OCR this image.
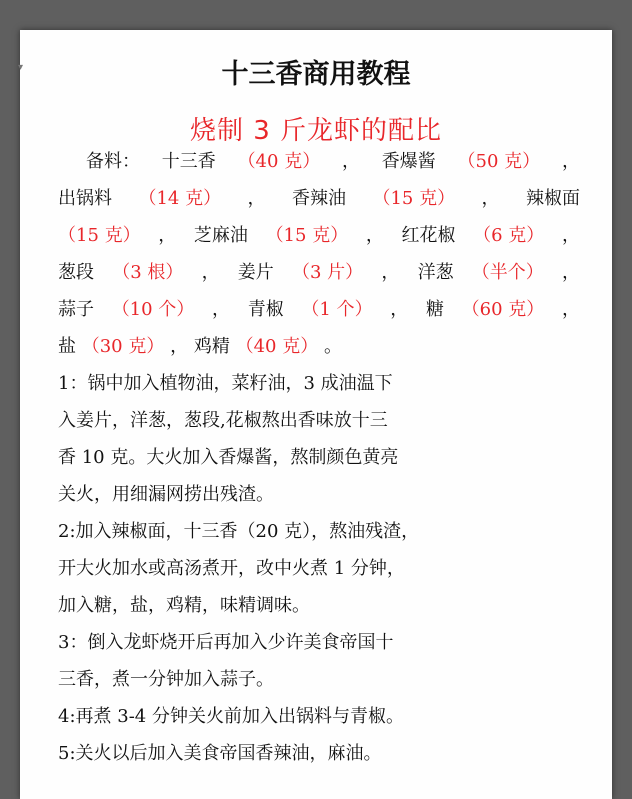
十三香商用教程
烧制 3 斤龙虾的配比
备料： 十三香 （40 克） ， 香爆酱 （50 克） ，
出锅料 （14 克） ， 香辣油 （15 克） ， 辣椒面
（15 克） ， 芝麻油 （15 克） ， 红花椒 （6 克） ，
葱段 （3 根） ， 姜片 （3 片） ， 洋葱 （半个） ，
蒜子 （10 个） ， 青椒 （1 个） ， 糖 （60 克） ，
盐 （30 克） ， 鸡精 （40 克） 。
1：锅中加入植物油，菜籽油，3 成油温下
入姜片，洋葱，葱段,花椒熬出香味放十三
香 10 克。大火加入香爆酱，熬制颜色黄亮
关火，用细漏网捞出残渣。
2:加入辣椒面，十三香（20 克），熬油残渣，
开大火加水或高汤煮开，改中火煮 1 分钟，
加入糖，盐，鸡精，味精调味。
3：倒入龙虾烧开后再加入少许美食帝国十
三香，煮一分钟加入蒜子。
4:再煮 3-4 分钟关火前加入出锅料与青椒。
5:关火以后加入美食帝国香辣油，麻油。
▾
